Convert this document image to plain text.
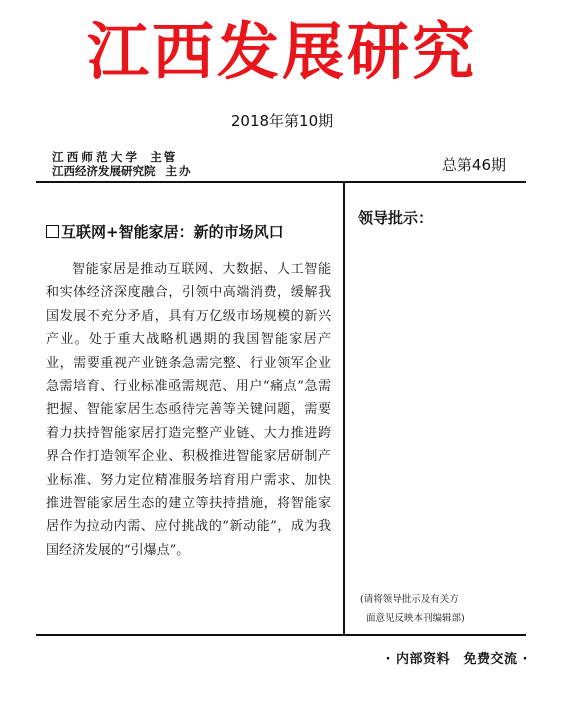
江西发展研究
2018年第10期
江西师范大学 主管
江西经济发展研究院 主办	总第46期
互联网+智能家居：新的市场风口
智能家居是推动互联网、大数据、人工智能和实体经济深度融合，引领中高端消费，缓解我国发展不充分矛盾，具有万亿级市场规模的新兴产业。处于重大战略机遇期的我国智能家居产业，需要重视产业链条急需完整、行业领军企业急需培育、行业标准亟需规范、用户“痛点”急需把握、智能家居生态亟待完善等关键问题，需要着力扶持智能家居打造完整产业链、大力推进跨界合作打造领军企业、积极推进智能家居研制产业标准、努力定位精准服务培育用户需求、加快推进智能家居生态的建立等扶持措施，将智能家居作为拉动内需、应付挑战的“新动能”，成为我国经济发展的“引爆点”。
领导批示：
(请将领导批示及有关方
面意见反映本刊编辑部)
· 内部资料 免费交流 ·
